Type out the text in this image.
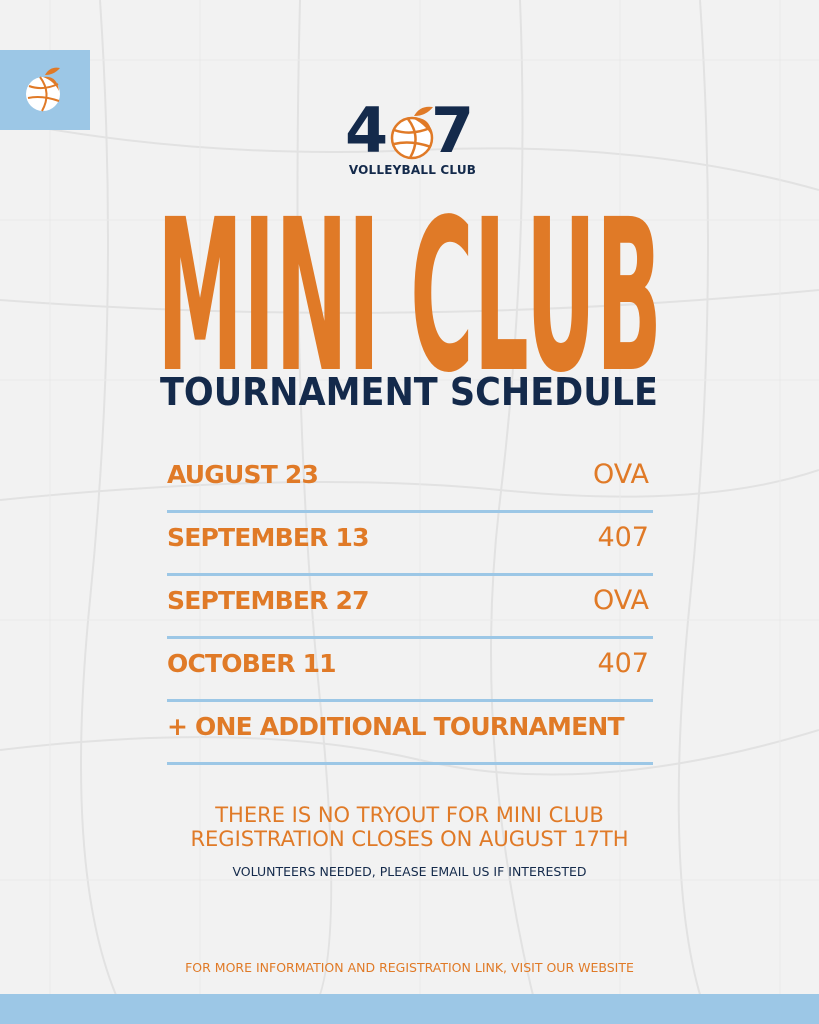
4 7
VOLLEYBALL CLUB
MINI CLUB
TOURNAMENT SCHEDULE
AUGUST 23	OVA
SEPTEMBER 13	407
SEPTEMBER 27	OVA
OCTOBER 11	407
+ ONE ADDITIONAL TOURNAMENT
THERE IS NO TRYOUT FOR MINI CLUB
REGISTRATION CLOSES ON AUGUST 17TH
VOLUNTEERS NEEDED, PLEASE EMAIL US IF INTERESTED
FOR MORE INFORMATION AND REGISTRATION LINK, VISIT OUR WEBSITE
